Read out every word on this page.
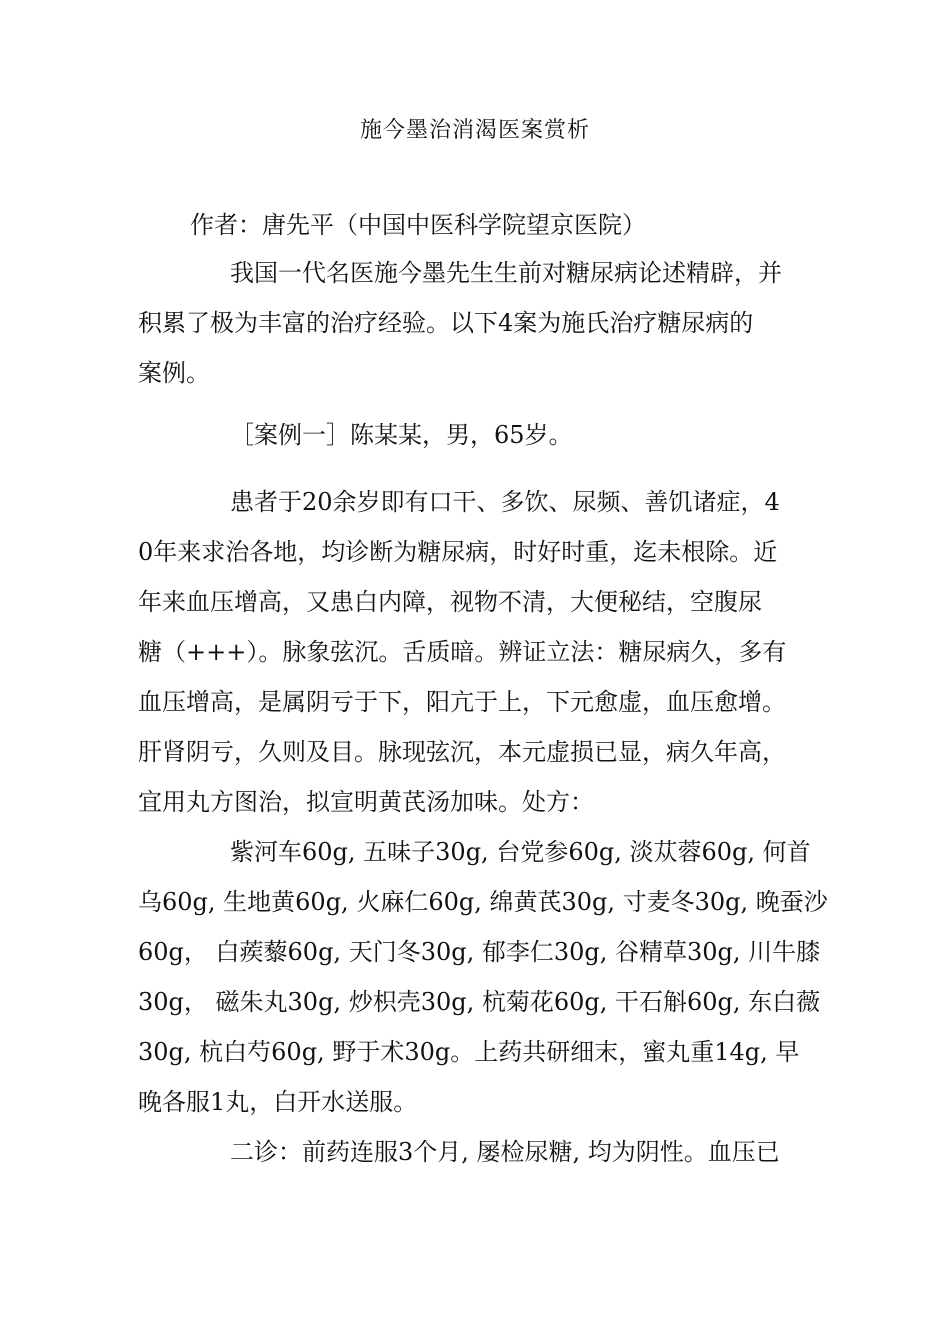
施今墨治消渴医案赏析
作者：唐先平（中国中医科学院望京医院）
我国一代名医施今墨先生生前对糖尿病论述精辟，并
积累了极为丰富的治疗经验。以下4案为施氏治疗糖尿病的
案例。
［案例一］陈某某，男，65岁。
患者于20余岁即有口干、多饮、尿频、善饥诸症，4
0年来求治各地，均诊断为糖尿病，时好时重，迄未根除。近
年来血压增高，又患白内障，视物不清，大便秘结，空腹尿
糖（+++）。脉象弦沉。舌质暗。辨证立法：糖尿病久，多有
血压增高，是属阴亏于下，阳亢于上，下元愈虚，血压愈增。
肝肾阴亏，久则及目。脉现弦沉，本元虚损已显，病久年高，
宜用丸方图治，拟宣明黄芪汤加味。处方：
紫河车60g, 五味子30g, 台党参60g, 淡苁蓉60g, 何首
乌60g, 生地黄60g, 火麻仁60g, 绵黄芪30g, 寸麦冬30g, 晚蚕沙
60g， 白蒺藜60g, 天门冬30g, 郁李仁30g, 谷精草30g, 川牛膝
30g， 磁朱丸30g, 炒枳壳30g, 杭菊花60g, 干石斛60g, 东白薇
30g, 杭白芍60g, 野于术30g。上药共研细末，蜜丸重14g, 早
晚各服1丸，白开水送服。
二诊：前药连服3个月, 屡检尿糖, 均为阴性。血压已
